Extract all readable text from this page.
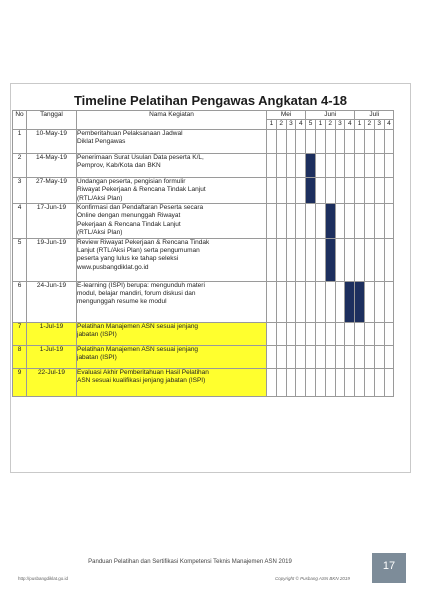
Timeline Pelatihan Pengawas Angkatan 4-18
No	Tanggal	Nama Kegiatan	Mei				Juni					Juli			
			1	2	3	4	5	1	2	3	4	1	2	3	4
1	10-May-19	Pemberitahuan Pelaksanaan Jadwal
Diklat Pengawas													

2	14-May-19	Penerimaan Surat Usulan Data peserta K/L,
Pemprov, Kab/Kota dan BKN													

3	27-May-19	Undangan peserta, pengisian formulir
Riwayat Pekerjaan & Rencana Tindak Lanjut
(RTL/Aksi Plan)													

4	17-Jun-19	Konfirmasi dan Pendaftaran Peserta secara
Online dengan menunggah Riwayat
Pekerjaan & Rencana Tindak Lanjut
(RTL/Aksi Plan)													

5	19-Jun-19	Review Riwayat Pekerjaan & Rencana Tindak
Lanjut (RTL/Aksi Plan) serta pengumuman
peserta yang lulus ke tahap seleksi
www.pusbangdiklat.go.id													

6	24-Jun-19	E-learning (ISPI) berupa: mengunduh materi
modul, belajar mandiri, forum diskusi dan
mengunggah resume ke modul													

7	1-Jul-19	Pelatihan Manajemen ASN sesuai jenjang
jabatan (ISPI)													

8	1-Jul-19	Pelatihan Manajemen ASN sesuai jenjang
jabatan (ISPI)													

9	22-Jul-19	Evaluasi Akhir Pemberitahuan Hasil Pelatihan
ASN sesuai kualifikasi jenjang jabatan (ISPI)													

Panduan Pelatihan dan Sertifikasi Kompetensi Teknis Manajemen ASN 2019
http://pusbangdiklat.go.id	Copyright © Pusbang ASN BKN 2019
17
